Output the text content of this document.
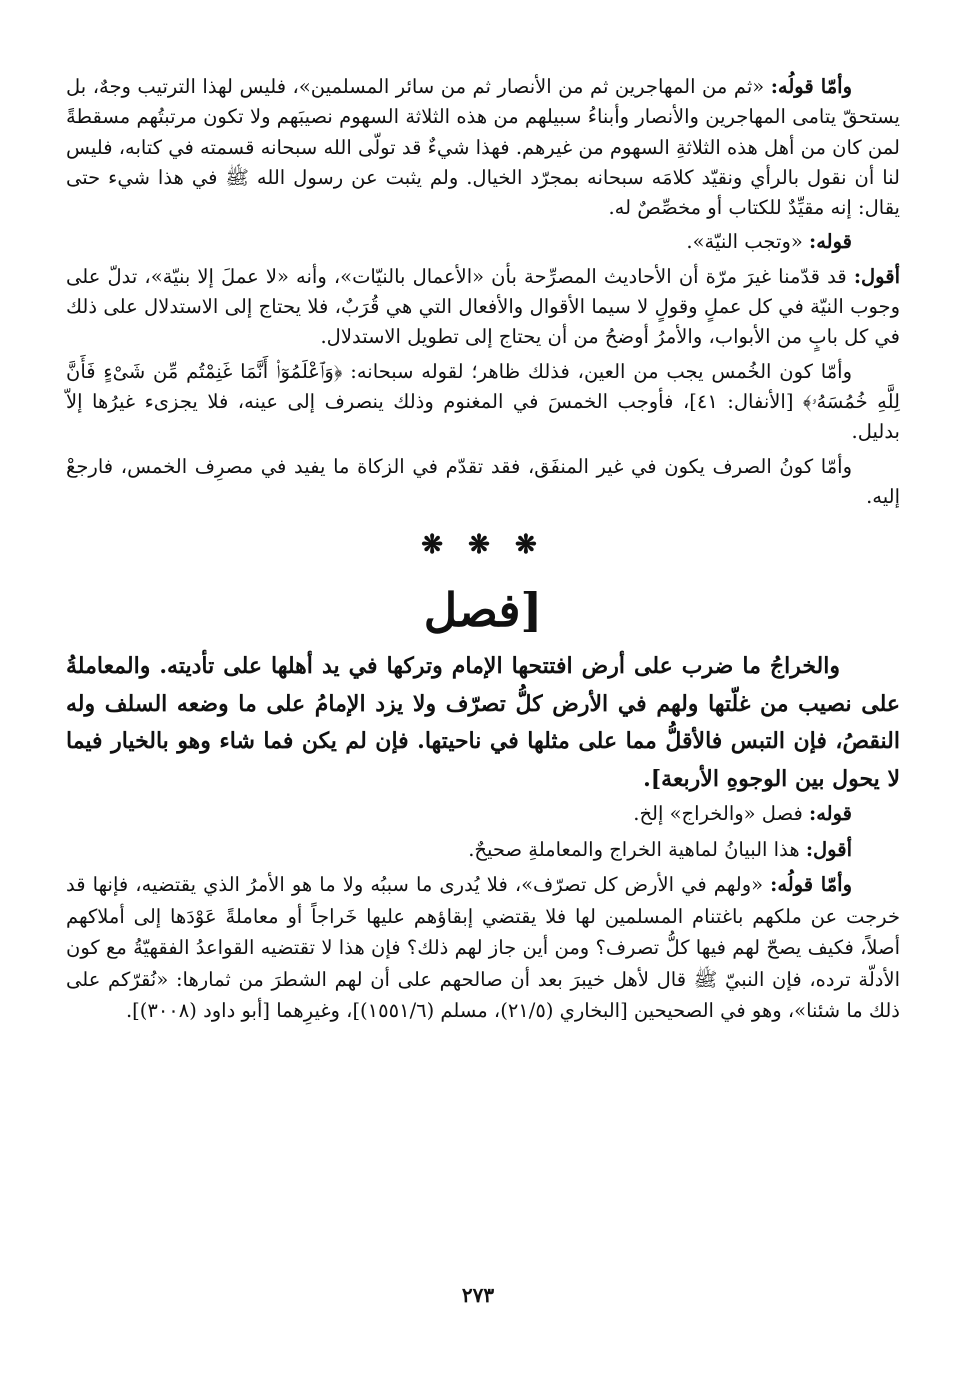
وأمّا قولُه: «ثم من المهاجرين ثم من الأنصار ثم من سائر المسلمين»، فليس لهذا الترتيب وجهٌ، بل يستحقّ يتامى المهاجرين والأنصار وأبناءُ سبيلهم من هذه الثلاثة السهوم نصيبَهم ولا تكون مرتبتُهم مسقطةً لمن كان من أهل هذه الثلاثةِ السهوم من غيرهم. فهذا شيءٌ قد تولّى الله سبحانه قسمته في كتابه، فليس لنا أن نقول بالرأي ونقيّد كلامَه سبحانه بمجرّد الخيال. ولم يثبت عن رسول الله ﷺ في هذا شيء حتى يقال: إنه مقيِّدٌ للكتاب أو مخصِّصٌ له.

قوله: «وتجب النيّة».

أقول: قد قدّمنا غيرَ مرّة أن الأحاديث المصرِّحة بأن «الأعمال بالنيّات»، وأنه «لا عملَ إلا بنيّة»، تدلّ على وجوب النيّة في كل عملٍ وقولٍ لا سيما الأقوال والأفعال التي هي قُرَبٌ، فلا يحتاج إلى الاستدلال على ذلك في كل بابٍ من الأبواب، والأمرُ أوضحُ من أن يحتاج إلى تطويل الاستدلال.

وأمّا كون الخُمس يجب من العين، فذلك ظاهر؛ لقوله سبحانه: ﴿وَٱعْلَمُوٓا۟ أَنَّمَا غَنِمْتُم مِّن شَىْءٍ فَأَنَّ لِلَّهِ خُمُسَهُۥ﴾ [الأنفال: ٤١]، فأوجب الخمسَ في المغنوم وذلك ينصرف إلى عينه، فلا يجزىء غيرُها إلاّ بدليل.

وأمّا كونُ الصرف يكون في غير المنفَق، فقد تقدّم في الزكاة ما يفيد في مصرِف الخمس، فارجعْ إليه.

❋ ❋ ❋
[فصل

والخراجُ ما ضرب على أرض افتتحها الإمام وتركها في يد أهلها على تأديته. والمعاملةُ على نصيب من غلّتها ولهم في الأرض كلُّ تصرّف ولا يزد الإمامُ على ما وضعه السلف وله النقصُ، فإن التبس فالأقلُّ مما على مثلها في ناحيتها. فإن لم يكن فما شاء وهو بالخيار فيما لا يحول بين الوجوهِ الأربعة].

قوله: فصل «والخراج» إلخ.

أقول: هذا البيانُ لماهية الخراج والمعاملةِ صحيحٌ.

وأمّا قولُه: «ولهم في الأرض كل تصرّف»، فلا يُدرى ما سببُه ولا ما هو الأمرُ الذي يقتضيه، فإنها قد خرجت عن ملكهم باغتنام المسلمين لها فلا يقتضي إبقاؤهم عليها خَراجاً أو معاملةً عَوْدَها إلى أملاكهم أصلاً، فكيف يصحّ لهم فيها كلُّ تصرف؟ ومن أين جاز لهم ذلك؟ فإن هذا لا تقتضيه القواعدُ الفقهيّةُ مع كون الأدلّة ترده، فإن النبيّ ﷺ قال لأهل خيبرَ بعد أن صالحهم على أن لهم الشطرَ من ثمارها: «نُقرّكم على ذلك ما شئنا»، وهو في الصحيحين [البخاري (٢١/٥)، مسلم (١٥٥١/٦)]، وغيرِهما [أبو داود (٣٠٠٨)].

٢٧٣
